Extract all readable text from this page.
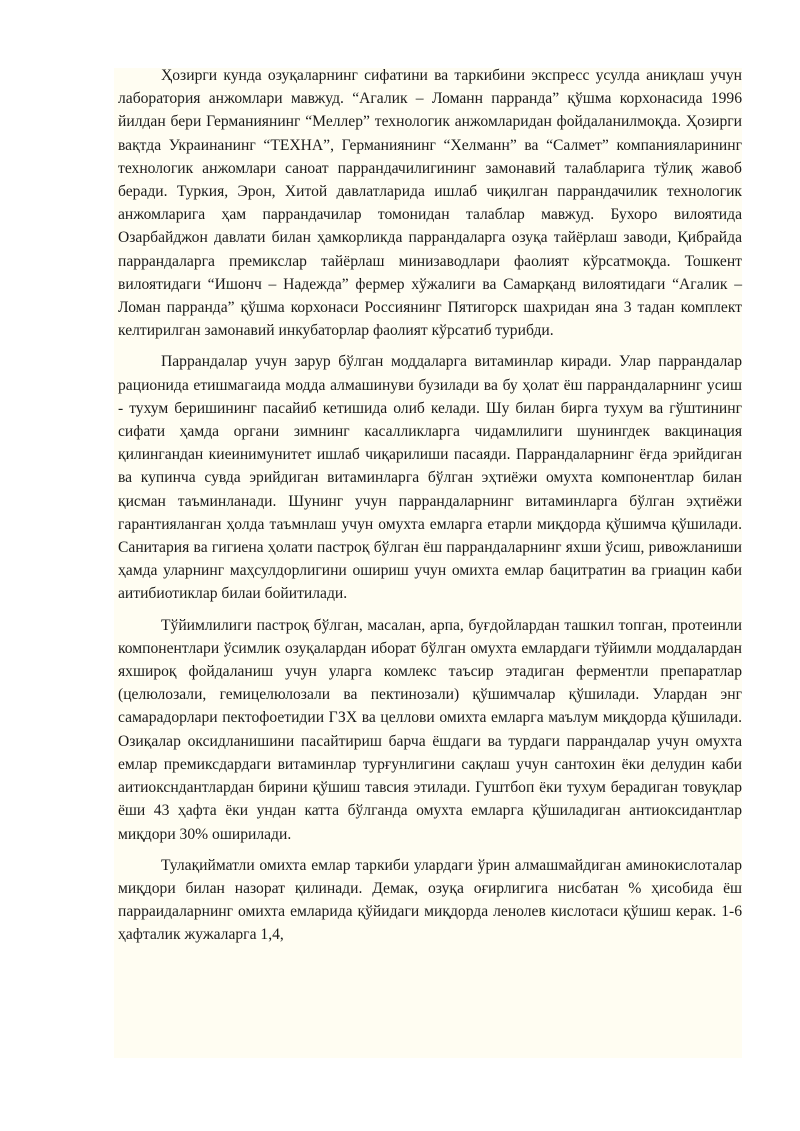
Ҳозирги кунда озуқаларнинг сифатини ва таркибини экспресс усулда аниқлаш учун лаборатория анжомлари мавжуд. “Агалик – Ломанн парранда” қўшма корхонасида 1996 йилдан бери Германиянинг “Меллер” технологик анжомларидан фойдаланилмоқда. Ҳозирги вақтда Украинанинг “ТЕХНА”, Германиянинг “Хелманн” ва “Салмет” компанияларининг технологик анжомлари саноат паррандачилигининг замонавий талабларига тўлиқ жавоб беради. Туркия, Эрон, Хитой давлатларида ишлаб чиқилган паррандачилик технологик анжомларига ҳам паррандачилар томонидан талаблар мавжуд. Бухоро вилоятида Озарбайджон давлати билан ҳамкорликда паррандаларга озуқа тайёрлаш заводи, Қибрайда паррандаларга премикслар тайёрлаш минизаводлари фаолият кўрсатмоқда. Тошкент вилоятидаги “Ишонч – Надежда” фермер хўжалиги ва Самарқанд вилоятидаги “Агалик – Ломан парранда” қўшма корхонаси Россиянинг Пятигорск шахридан яна 3 тадан комплект келтирилган замонавий инкубаторлар фаолият кўрсатиб турибди.

Паррандалар учун зарур бўлган моддаларга витаминлар киради. Улар паррандалар рационида етишмагаида модда алмашинуви бузилади ва бу ҳолат ёш паррандаларнинг усиш - тухум беришининг пасайиб кетишида олиб келади. Шу билан бирга тухум ва гўштининг сифати ҳамда органи зимнинг касалликларга чидамлилиги шунингдек вакцинация қилингандан киеинимунитет ишлаб чиқарилиши пасаяди. Паррандаларнинг ёғда эрийдиган ва купинча сувда эрийдиган витаминларга бўлган эҳтиёжи омухта компонентлар билан қисман таъминланади. Шунинг учун паррандаларнинг витаминларга бўлган эҳтиёжи гарантияланган ҳолда таъмнлаш учун омухта емларга етарли миқдорда қўшимча қўшилади. Санитария ва гигиена ҳолати пастроқ бўлган ёш паррандаларнинг яхши ўсиш, ривожланиши ҳамда уларнинг маҳсулдорлигини ошириш учун омихта емлар бацитратин ва гриацин каби аитибиотиклар билаи бойитилади.

Тўйимлилиги пастроқ бўлган, масалан, арпа, буғдойлардан ташкил топган, протеинли компонентлари ўсимлик озуқалардан иборат бўлган омухта емлардаги тўйимли моддалардан яхшироқ фойдаланиш учун уларга комлекс таъсир этадиган ферментли препаратлар (целюлозали, гемицелюлозали ва пектинозали) қўшимчалар қўшилади. Улардан энг самарадорлари пектофоетидии ГЗХ ва целлови омихта емларга маълум миқдорда қўшилади. Озиқалар оксидланишини пасайтириш барча ёшдаги ва турдаги паррандалар учун омухта емлар премиксдардаги витаминлар турғунлигини сақлаш учун сантохин ёки делудин каби аитиоксндантлардан бирини қўшиш тавсия этилади. Гуштбоп ёки тухум берадиган товуқлар ёши 43 ҳафта ёки ундан катта бўлганда омухта емларга қўшиладиган антиоксидантлар миқдори 30% оширилади.

Тулақийматли омихта емлар таркиби улардаги ўрин алмашмайдиган аминокислоталар миқдори билан назорат қилинади. Демак, озуқа оғирлигига нисбатан % ҳисобида ёш парраидаларнинг омихта емларида қўйидаги миқдорда ленолев кислотаси қўшиш керак. 1-6 ҳафталик жужаларга 1,4,
